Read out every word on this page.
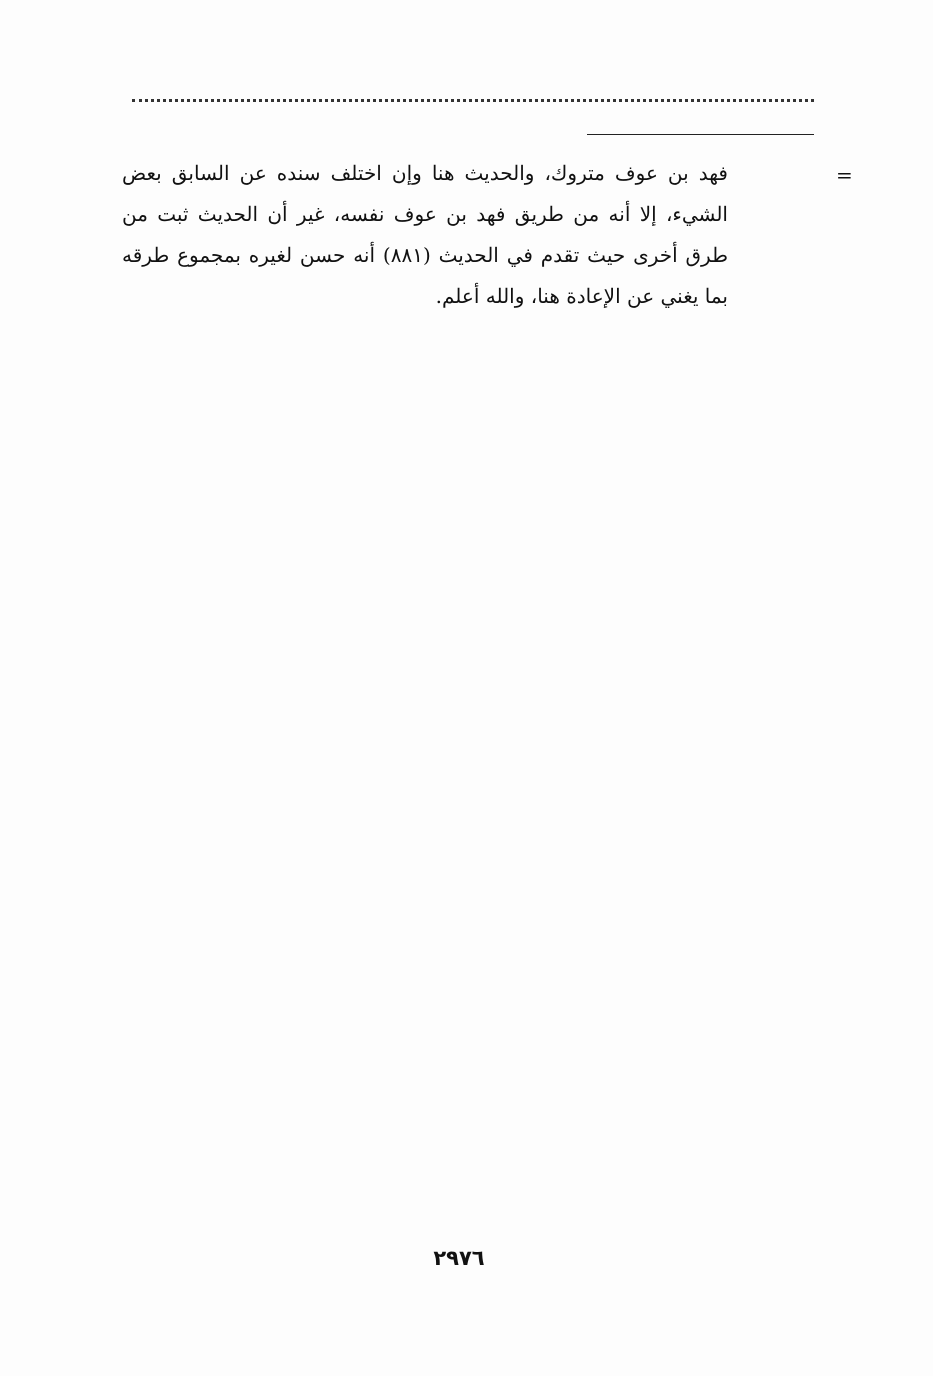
=

فهد بن عوف متروك، والحديث هنا وإن اختلف سنده عن السابق بعض الشيء، إلا أنه من طريق فهد بن عوف نفسه، غير أن الحديث ثبت من طرق أخرى حيث تقدم في الحديث (٨٨١) أنه حسن لغيره بمجموع طرقه بما يغني عن الإعادة هنا، والله أعلم.

٢٩٧٦
